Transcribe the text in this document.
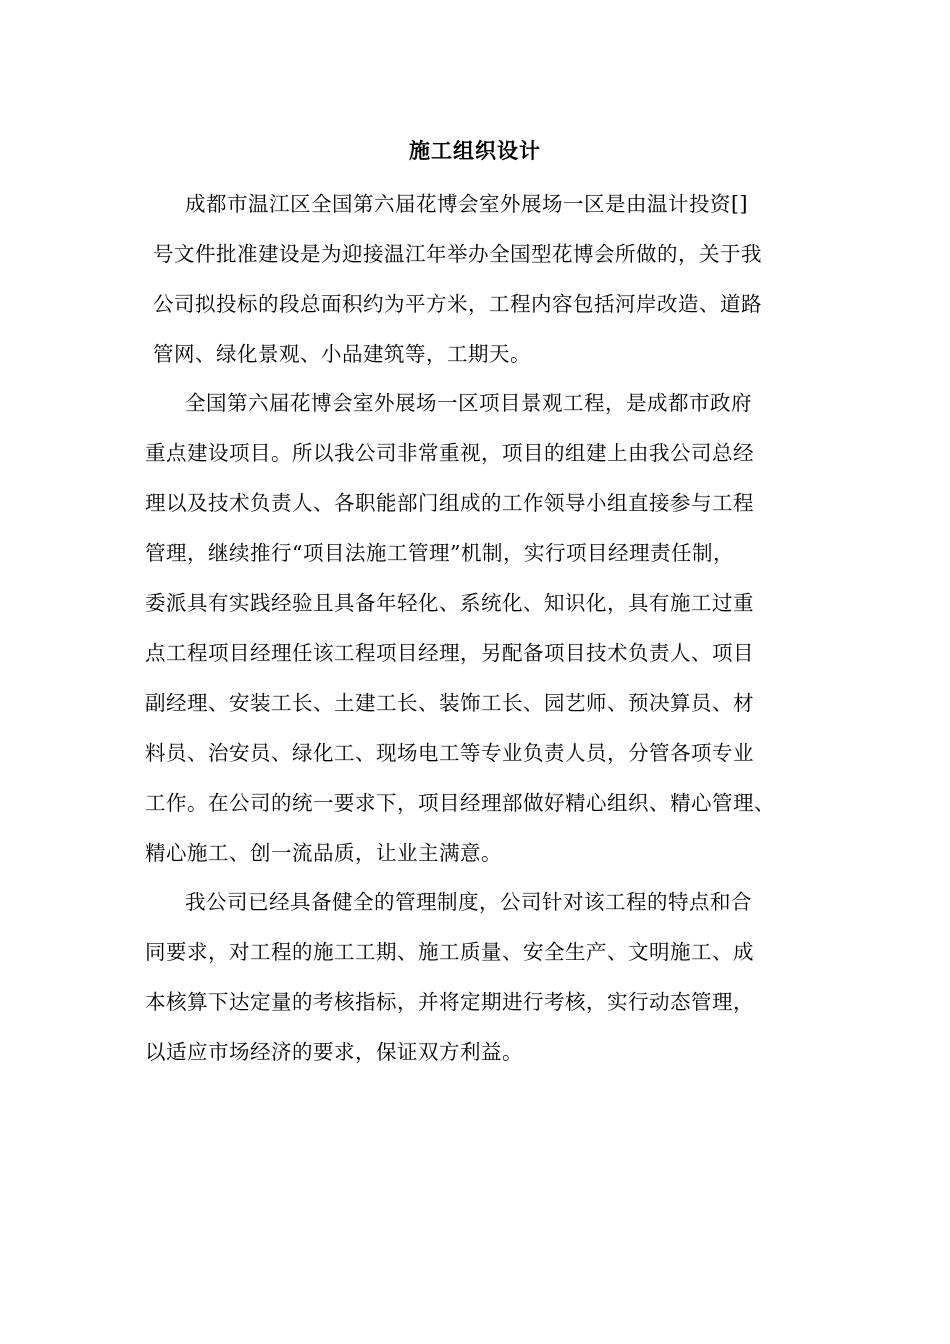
施工组织设计
成都市温江区全国第六届花博会室外展场一区是由温计投资[]
号文件批准建设是为迎接温江年举办全国型花博会所做的，关于我
公司拟投标的段总面积约为平方米，工程内容包括河岸改造、道路
管网、绿化景观、小品建筑等，工期天。
全国第六届花博会室外展场一区项目景观工程，是成都市政府
重点建设项目。所以我公司非常重视，项目的组建上由我公司总经
理以及技术负责人、各职能部门组成的工作领导小组直接参与工程
管理，继续推行“项目法施工管理”机制，实行项目经理责任制，
委派具有实践经验且具备年轻化、系统化、知识化，具有施工过重
点工程项目经理任该工程项目经理，另配备项目技术负责人、项目
副经理、安装工长、土建工长、装饰工长、园艺师、预决算员、材
料员、治安员、绿化工、现场电工等专业负责人员，分管各项专业
工作。在公司的统一要求下，项目经理部做好精心组织、精心管理、
精心施工、创一流品质，让业主满意。
我公司已经具备健全的管理制度，公司针对该工程的特点和合
同要求，对工程的施工工期、施工质量、安全生产、文明施工、成
本核算下达定量的考核指标，并将定期进行考核，实行动态管理，
以适应市场经济的要求，保证双方利益。
